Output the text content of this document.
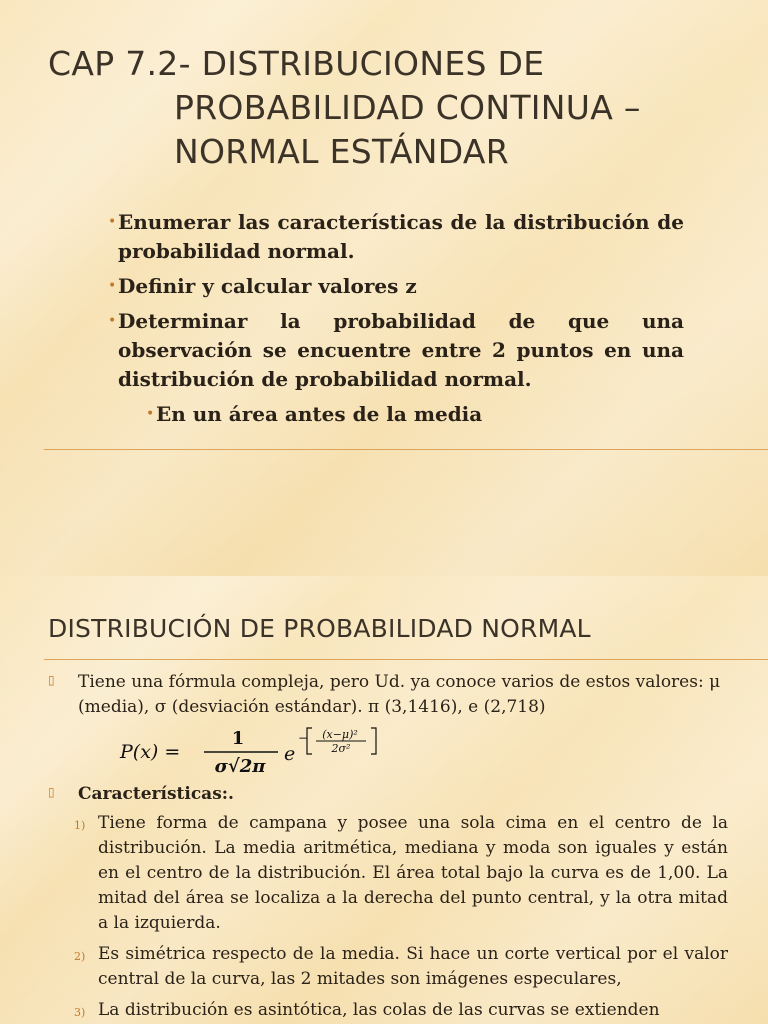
CAP 7.2- DISTRIBUCIONES DE
PROBABILIDAD CONTINUA –
NORMAL ESTÁNDAR
• Enumerar las características de la distribución de probabilidad normal.
• Definir y calcular valores z
• Determinar la probabilidad de que una observación se encuentre entre 2 puntos en una distribución de probabilidad normal.
• En un área antes de la media
DISTRIBUCIÓN DE PROBABILIDAD NORMAL
▯ Tiene una fórmula compleja, pero Ud. ya conoce varios de estos valores: μ (media), σ (desviación estándar). π (3,1416), e (2,718)
P(x) =
1
σ√2π
e
− (x−μ)²
2σ²
▯ Características:.
1) Tiene forma de campana y posee una sola cima en el centro de la distribución. La media aritmética, mediana y moda son iguales y están en el centro de la distribución. El área total bajo la curva es de 1,00. La mitad del área se localiza a la derecha del punto central, y la otra mitad a la izquierda.
2) Es simétrica respecto de la media. Si hace un corte vertical por el valor central de la curva, las 2 mitades son imágenes especulares,
3) La distribución es asintótica, las colas de las curvas se extienden
